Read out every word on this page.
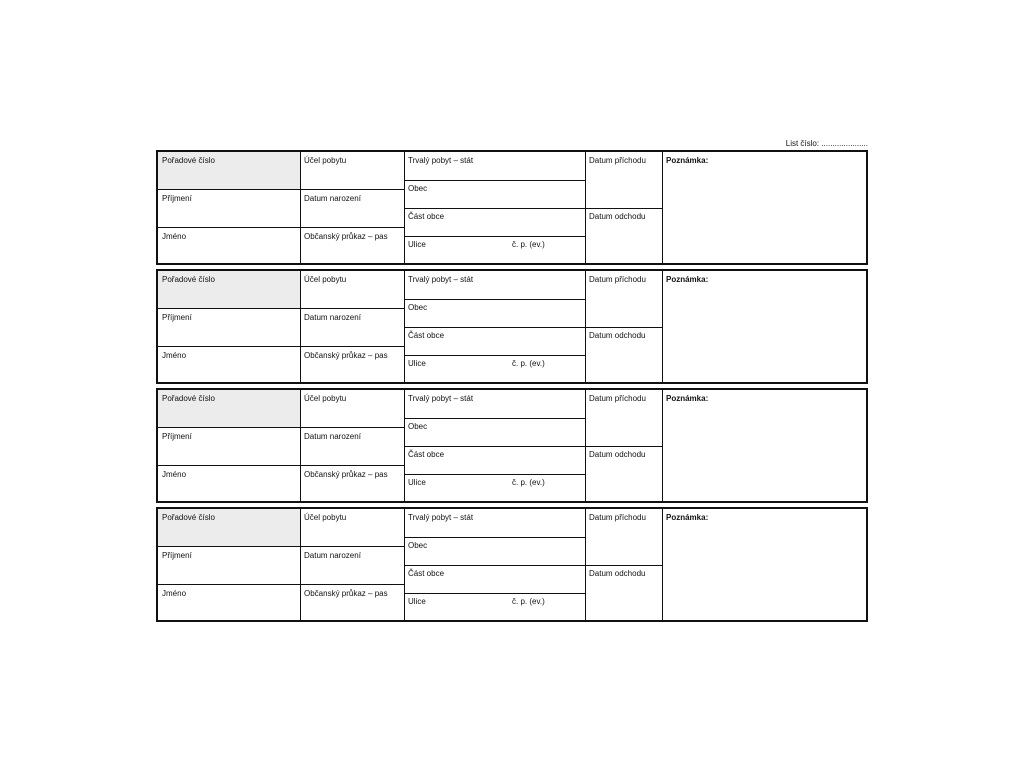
List číslo: .....................
Pořadové číslo
Příjmení
Jméno
Účel pobytu
Datum narození
Občanský průkaz – pas
Trvalý pobyt – stát
Obec
Část obce
Ulice	č. p. (ev.)
Datum příchodu
Datum odchodu
Poznámka:
Pořadové číslo
Příjmení
Jméno
Účel pobytu
Datum narození
Občanský průkaz – pas
Trvalý pobyt – stát
Obec
Část obce
Ulice	č. p. (ev.)
Datum příchodu
Datum odchodu
Poznámka:
Pořadové číslo
Příjmení
Jméno
Účel pobytu
Datum narození
Občanský průkaz – pas
Trvalý pobyt – stát
Obec
Část obce
Ulice	č. p. (ev.)
Datum příchodu
Datum odchodu
Poznámka:
Pořadové číslo
Příjmení
Jméno
Účel pobytu
Datum narození
Občanský průkaz – pas
Trvalý pobyt – stát
Obec
Část obce
Ulice	č. p. (ev.)
Datum příchodu
Datum odchodu
Poznámka:
